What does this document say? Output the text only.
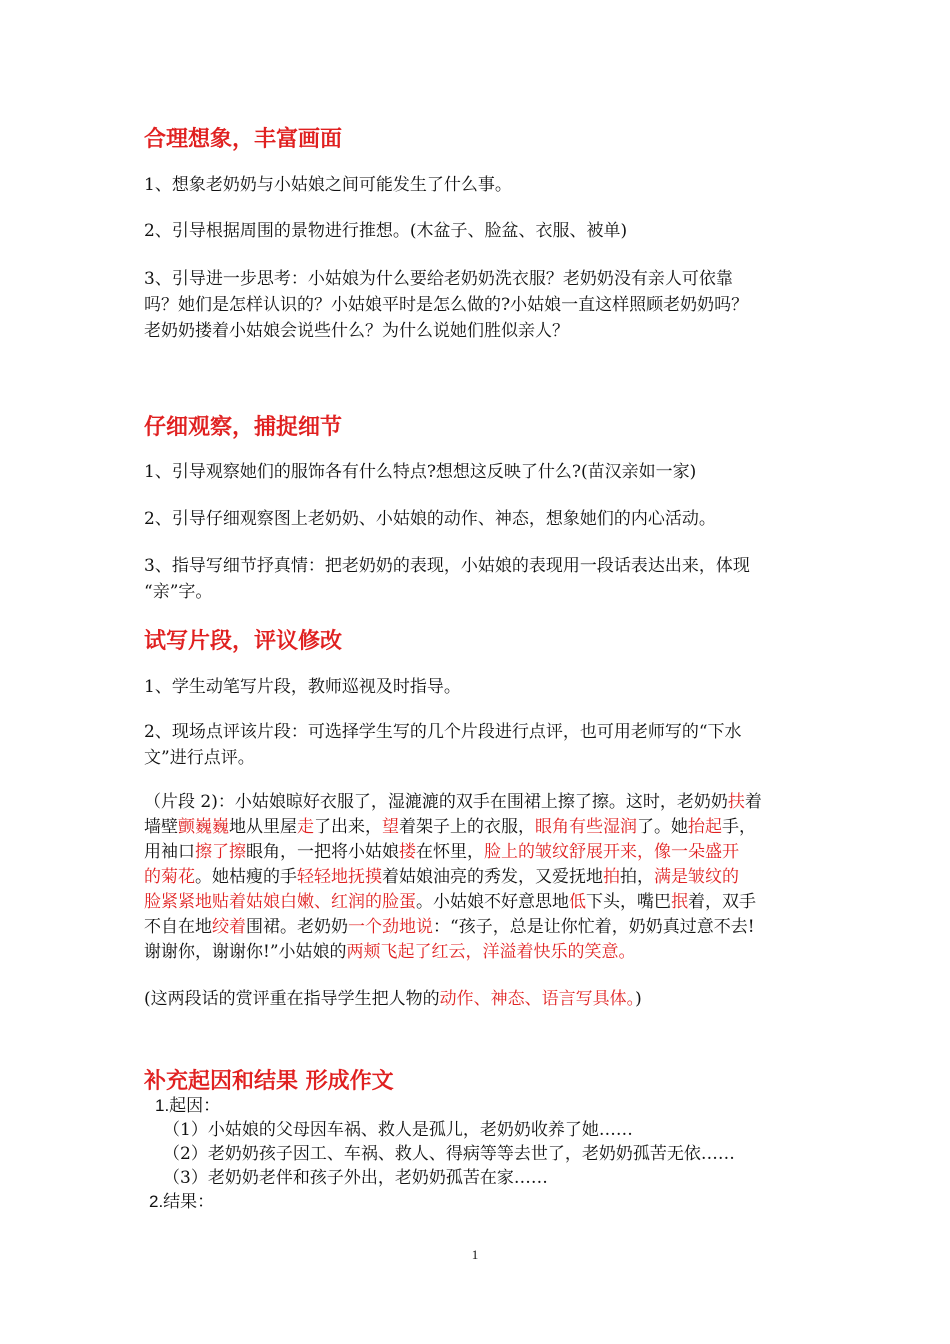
合理想象，丰富画面
1、想象老奶奶与小姑娘之间可能发生了什么事。
2、引导根据周围的景物进行推想。(木盆子、脸盆、衣服、被单)
3、引导进一步思考：小姑娘为什么要给老奶奶洗衣服？老奶奶没有亲人可依靠
吗？她们是怎样认识的？小姑娘平时是怎么做的?小姑娘一直这样照顾老奶奶吗？
老奶奶搂着小姑娘会说些什么？为什么说她们胜似亲人？
仔细观察，捕捉细节
1、引导观察她们的服饰各有什么特点?想想这反映了什么?(苗汉亲如一家)
2、引导仔细观察图上老奶奶、小姑娘的动作、神态，想象她们的内心活动。
3、指导写细节抒真情：把老奶奶的表现，小姑娘的表现用一段话表达出来，体现
“亲”字。
试写片段，评议修改
1、学生动笔写片段，教师巡视及时指导。
2、现场点评该片段：可选择学生写的几个片段进行点评，也可用老师写的“下水
文”进行点评。
（片段 2)：小姑娘晾好衣服了，湿漉漉的双手在围裙上擦了擦。这时，老奶奶扶着
墙壁颤巍巍地从里屋走了出来，望着架子上的衣服，眼角有些湿润了。她抬起手，
用袖口擦了擦眼角，一把将小姑娘搂在怀里，脸上的皱纹舒展开来，像一朵盛开
的菊花。她枯瘦的手轻轻地抚摸着姑娘油亮的秀发，又爱抚地拍拍，满是皱纹的
脸紧紧地贴着姑娘白嫩、红润的脸蛋。小姑娘不好意思地低下头，嘴巴抿着，双手
不自在地绞着围裙。老奶奶一个劲地说：“孩子，总是让你忙着，奶奶真过意不去!
谢谢你，谢谢你!”小姑娘的两颊飞起了红云，洋溢着快乐的笑意。
(这两段话的赏评重在指导学生把人物的动作、神态、语言写具体。)
补充起因和结果 形成作文
1.起因：
（1）小姑娘的父母因车祸、救人是孤儿，老奶奶收养了她……
（2）老奶奶孩子因工、车祸、救人、得病等等去世了，老奶奶孤苦无依……
（3）老奶奶老伴和孩子外出，老奶奶孤苦在家……
2.结果：
1
